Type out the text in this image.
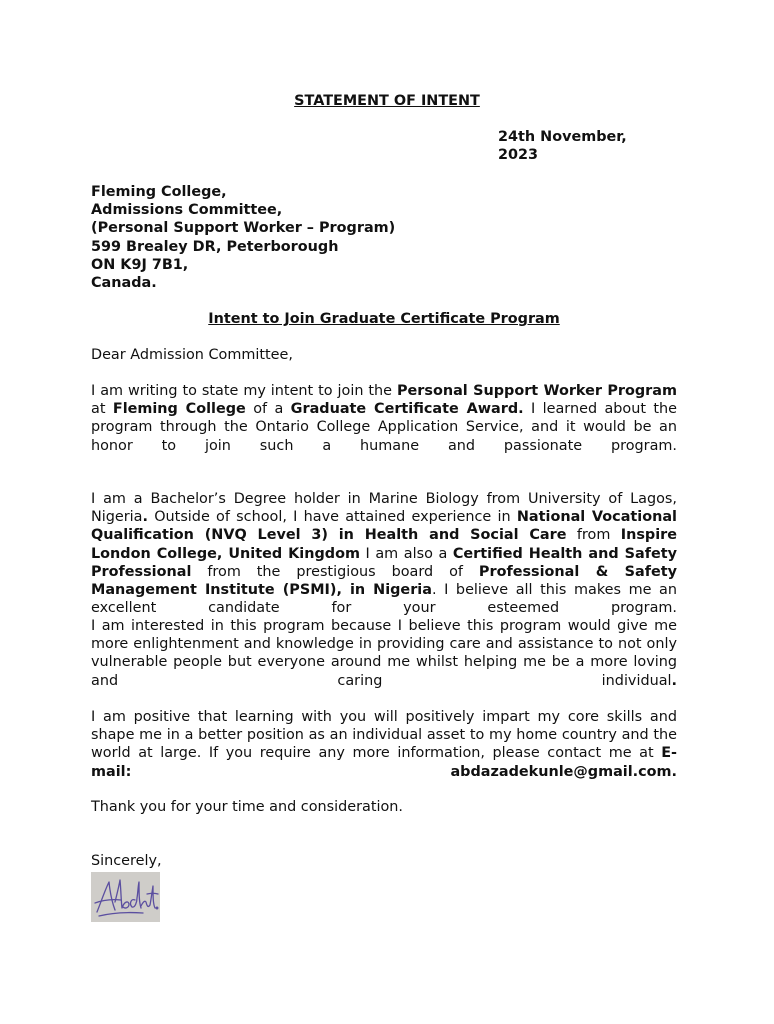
STATEMENT OF INTENT
24th November,
2023
Fleming College,
Admissions Committee,
(Personal Support Worker – Program)
599 Brealey DR, Peterborough
ON K9J 7B1,
Canada.
Intent to Join Graduate Certificate Program

Dear Admission Committee,

I am writing to state my intent to join the Personal Support Worker Program at Fleming College of a Graduate Certificate Award. I learned about the program through the Ontario College Application Service, and it would be an honor to join such a humane and passionate program.

I am a Bachelor’s Degree holder in Marine Biology from University of Lagos, Nigeria. Outside of school, I have attained experience in National Vocational Qualification (NVQ Level 3) in Health and Social Care from Inspire London College, United Kingdom I am also a Certified Health and Safety Professional from the prestigious board of Professional & Safety Management Institute (PSMI), in Nigeria. I believe all this makes me an excellent candidate for your esteemed program.

I am interested in this program because I believe this program would give me more enlightenment and knowledge in providing care and assistance to not only vulnerable people but everyone around me whilst helping me be a more loving and caring individual.

I am positive that learning with you will positively impart my core skills and shape me in a better position as an individual asset to my home country and the world at large. If you require any more information, please contact me at E-mail: abdazadekunle@gmail.com.

Thank you for your time and consideration.

Sincerely,
